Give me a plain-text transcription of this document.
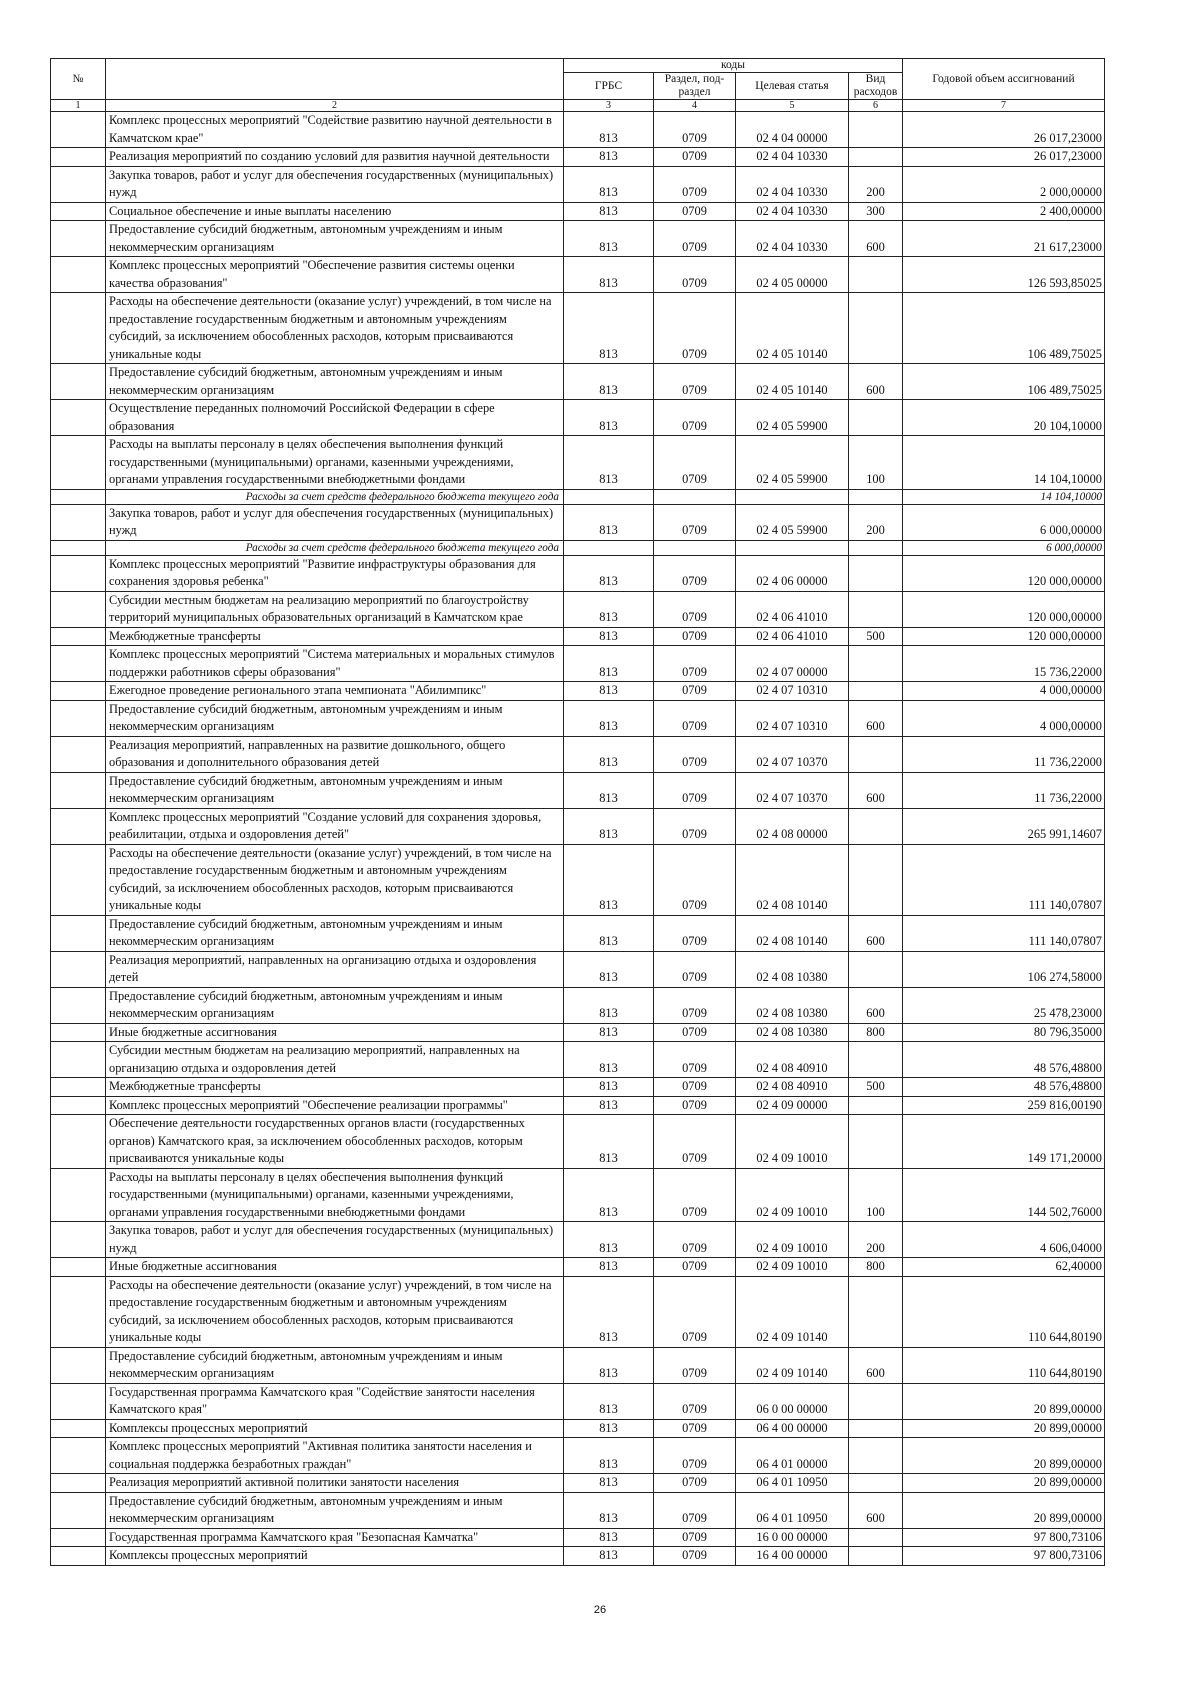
№		коды				Годовой объем ассигнований
		ГРБС	Раздел, под-раздел	Целевая статья	Вид расходов	
1	2	3	4	5	6	7
	Комплекс процессных мероприятий "Содействие развитию научной деятельности в Камчатском крае"	813	0709	02 4 04 00000		26 017,23000
	Реализация мероприятий по созданию условий для развития научной деятельности	813	0709	02 4 04 10330		26 017,23000
	Закупка товаров, работ и услуг для обеспечения государственных (муниципальных) нужд	813	0709	02 4 04 10330	200	2 000,00000
	Социальное обеспечение и иные выплаты населению	813	0709	02 4 04 10330	300	2 400,00000
	Предоставление субсидий бюджетным, автономным учреждениям и иным некоммерческим организациям	813	0709	02 4 04 10330	600	21 617,23000
	Комплекс процессных мероприятий "Обеспечение развития системы оценки качества образования"	813	0709	02 4 05 00000		126 593,85025
	Расходы на обеспечение деятельности (оказание услуг) учреждений, в том числе на предоставление государственным бюджетным и автономным учреждениям субсидий, за исключением обособленных расходов, которым присваиваются уникальные коды	813	0709	02 4 05 10140		106 489,75025
	Предоставление субсидий бюджетным, автономным учреждениям и иным некоммерческим организациям	813	0709	02 4 05 10140	600	106 489,75025
	Осуществление переданных полномочий Российской Федерации в сфере образования	813	0709	02 4 05 59900		20 104,10000
	Расходы на выплаты персоналу в целях обеспечения выполнения функций государственными (муниципальными) органами, казенными учреждениями, органами управления государственными внебюджетными фондами	813	0709	02 4 05 59900	100	14 104,10000
	Расходы за счет средств федерального бюджета текущего года					14 104,10000
	Закупка товаров, работ и услуг для обеспечения государственных (муниципальных) нужд	813	0709	02 4 05 59900	200	6 000,00000
	Расходы за счет средств федерального бюджета текущего года					6 000,00000
	Комплекс процессных мероприятий "Развитие инфраструктуры образования для сохранения здоровья ребенка"	813	0709	02 4 06 00000		120 000,00000
	Субсидии местным бюджетам на реализацию мероприятий по благоустройству территорий муниципальных образовательных организаций в Камчатском крае	813	0709	02 4 06 41010		120 000,00000
	Межбюджетные трансферты	813	0709	02 4 06 41010	500	120 000,00000
	Комплекс процессных мероприятий "Система материальных и моральных стимулов поддержки работников сферы образования"	813	0709	02 4 07 00000		15 736,22000
	Ежегодное проведение регионального этапа чемпионата "Абилимпикс"	813	0709	02 4 07 10310		4 000,00000
	Предоставление субсидий бюджетным, автономным учреждениям и иным некоммерческим организациям	813	0709	02 4 07 10310	600	4 000,00000
	Реализация мероприятий, направленных на развитие дошкольного, общего образования и дополнительного образования детей	813	0709	02 4 07 10370		11 736,22000
	Предоставление субсидий бюджетным, автономным учреждениям и иным некоммерческим организациям	813	0709	02 4 07 10370	600	11 736,22000
	Комплекс процессных мероприятий "Создание условий для сохранения здоровья, реабилитации, отдыха и оздоровления детей"	813	0709	02 4 08 00000		265 991,14607
	Расходы на обеспечение деятельности (оказание услуг) учреждений, в том числе на предоставление государственным бюджетным и автономным учреждениям субсидий, за исключением обособленных расходов, которым присваиваются уникальные коды	813	0709	02 4 08 10140		111 140,07807
	Предоставление субсидий бюджетным, автономным учреждениям и иным некоммерческим организациям	813	0709	02 4 08 10140	600	111 140,07807
	Реализация мероприятий, направленных на организацию отдыха и оздоровления детей	813	0709	02 4 08 10380		106 274,58000
	Предоставление субсидий бюджетным, автономным учреждениям и иным некоммерческим организациям	813	0709	02 4 08 10380	600	25 478,23000
	Иные бюджетные ассигнования	813	0709	02 4 08 10380	800	80 796,35000
	Субсидии местным бюджетам на реализацию мероприятий, направленных на организацию отдыха и оздоровления детей	813	0709	02 4 08 40910		48 576,48800
	Межбюджетные трансферты	813	0709	02 4 08 40910	500	48 576,48800
	Комплекс процессных мероприятий "Обеспечение реализации программы"	813	0709	02 4 09 00000		259 816,00190
	Обеспечение деятельности государственных органов власти (государственных органов) Камчатского края, за исключением обособленных расходов, которым присваиваются уникальные коды	813	0709	02 4 09 10010		149 171,20000
	Расходы на выплаты персоналу в целях обеспечения выполнения функций государственными (муниципальными) органами, казенными учреждениями, органами управления государственными внебюджетными фондами	813	0709	02 4 09 10010	100	144 502,76000
	Закупка товаров, работ и услуг для обеспечения государственных (муниципальных) нужд	813	0709	02 4 09 10010	200	4 606,04000
	Иные бюджетные ассигнования	813	0709	02 4 09 10010	800	62,40000
	Расходы на обеспечение деятельности (оказание услуг) учреждений, в том числе на предоставление государственным бюджетным и автономным учреждениям субсидий, за исключением обособленных расходов, которым присваиваются уникальные коды	813	0709	02 4 09 10140		110 644,80190
	Предоставление субсидий бюджетным, автономным учреждениям и иным некоммерческим организациям	813	0709	02 4 09 10140	600	110 644,80190
	Государственная программа Камчатского края "Содействие занятости населения Камчатского края"	813	0709	06 0 00 00000		20 899,00000
	Комплексы процессных мероприятий	813	0709	06 4 00 00000		20 899,00000
	Комплекс процессных мероприятий "Активная политика занятости населения и социальная поддержка безработных граждан"	813	0709	06 4 01 00000		20 899,00000
	Реализация мероприятий активной политики занятости населения	813	0709	06 4 01 10950		20 899,00000
	Предоставление субсидий бюджетным, автономным учреждениям и иным некоммерческим организациям	813	0709	06 4 01 10950	600	20 899,00000
	Государственная программа Камчатского края "Безопасная Камчатка"	813	0709	16 0 00 00000		97 800,73106
	Комплексы процессных мероприятий	813	0709	16 4 00 00000		97 800,73106
26
